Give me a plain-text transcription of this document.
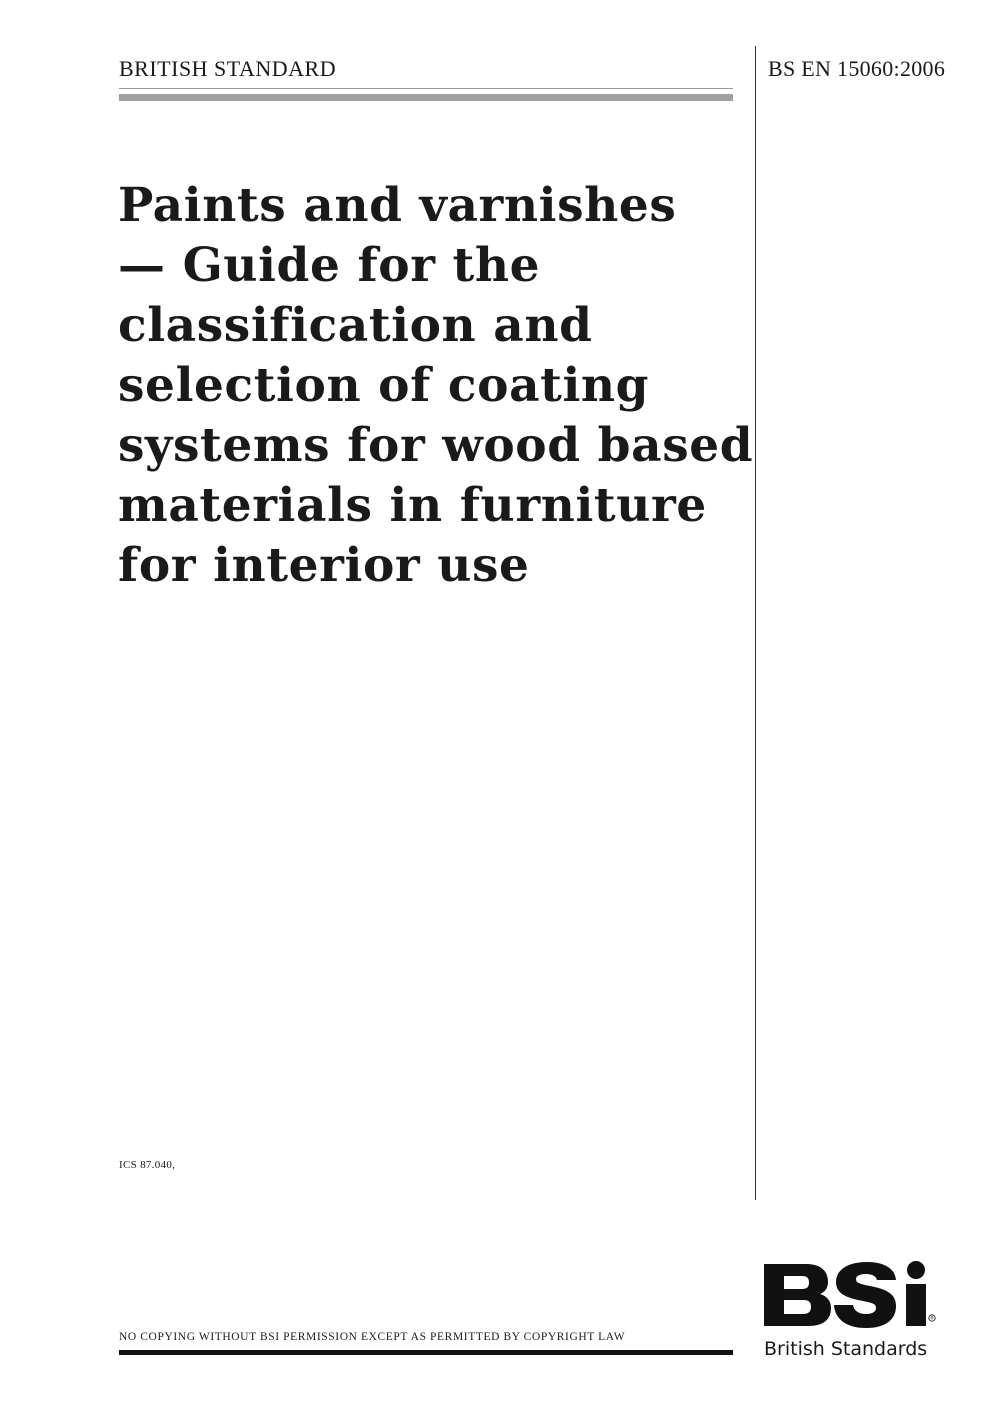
BRITISH STANDARD	BS EN 15060:2006
Paints and varnishes
— Guide for the
classification and
selection of coating
systems for wood based
materials in furniture
for interior use
ICS 87.040,
NO COPYING WITHOUT BSI PERMISSION EXCEPT AS PERMITTED BY COPYRIGHT LAW
®
British Standards
